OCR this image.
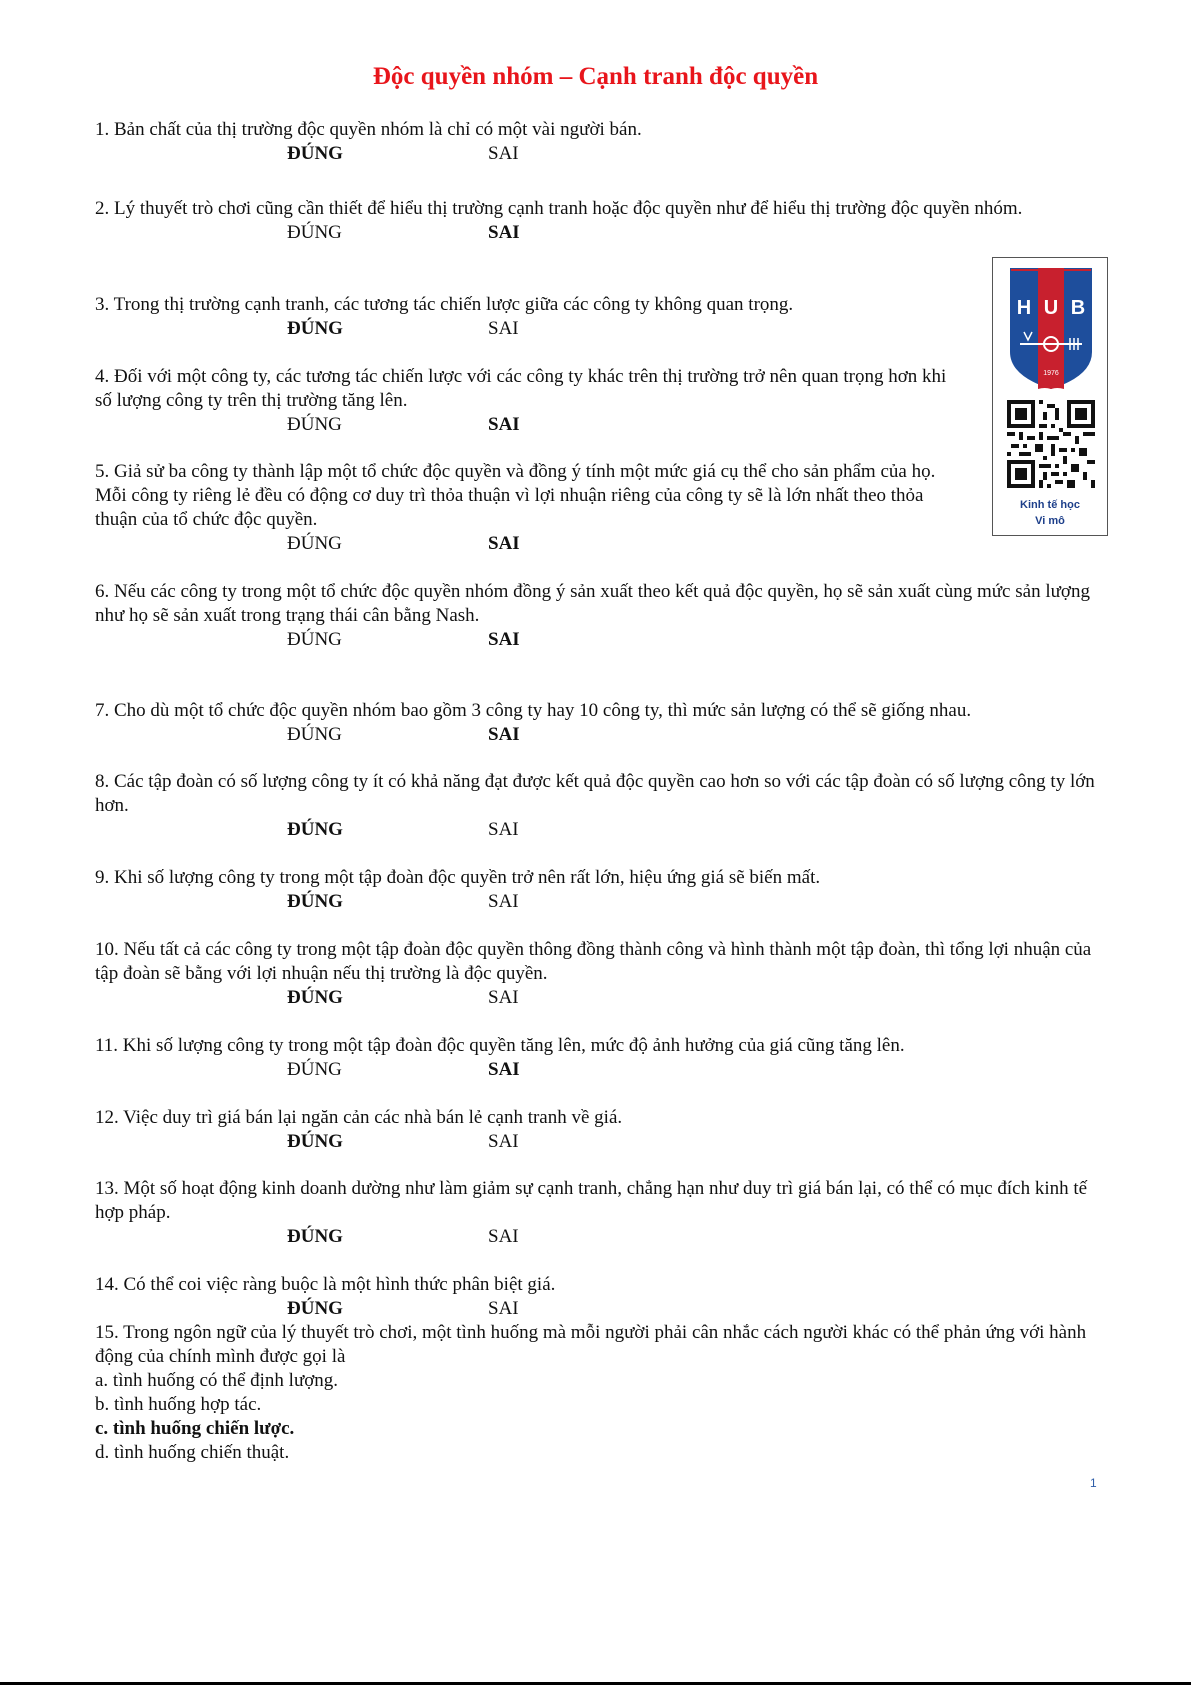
Độc quyền nhóm – Cạnh tranh độc quyền
1. Bản chất của thị trường độc quyền nhóm là chỉ có một vài người bán.
ĐÚNG	SAI
2. Lý thuyết trò chơi cũng cần thiết để hiểu thị trường cạnh tranh hoặc độc quyền như để hiểu thị trường độc quyền nhóm.
ĐÚNG	SAI
3. Trong thị trường cạnh tranh, các tương tác chiến lược giữa các công ty không quan trọng.
ĐÚNG	SAI
4. Đối với một công ty, các tương tác chiến lược với các công ty khác trên thị trường trở nên quan trọng hơn khi số lượng công ty trên thị trường tăng lên.
ĐÚNG	SAI
5. Giả sử ba công ty thành lập một tổ chức độc quyền và đồng ý tính một mức giá cụ thể cho sản phẩm của họ. Mỗi công ty riêng lẻ đều có động cơ duy trì thỏa thuận vì lợi nhuận riêng của công ty sẽ là lớn nhất theo thỏa thuận của tổ chức độc quyền.
ĐÚNG	SAI
6. Nếu các công ty trong một tổ chức độc quyền nhóm đồng ý sản xuất theo kết quả độc quyền, họ sẽ sản xuất cùng mức sản lượng như họ sẽ sản xuất trong trạng thái cân bằng Nash.
ĐÚNG	SAI
7. Cho dù một tổ chức độc quyền nhóm bao gồm 3 công ty hay 10 công ty, thì mức sản lượng có thể sẽ giống nhau.
ĐÚNG	SAI
8. Các tập đoàn có số lượng công ty ít có khả năng đạt được kết quả độc quyền cao hơn so với các tập đoàn có số lượng công ty lớn hơn.
ĐÚNG	SAI
9. Khi số lượng công ty trong một tập đoàn độc quyền trở nên rất lớn, hiệu ứng giá sẽ biến mất.
ĐÚNG	SAI
10. Nếu tất cả các công ty trong một tập đoàn độc quyền thông đồng thành công và hình thành một tập đoàn, thì tổng lợi nhuận của tập đoàn sẽ bằng với lợi nhuận nếu thị trường là độc quyền.
ĐÚNG	SAI
11. Khi số lượng công ty trong một tập đoàn độc quyền tăng lên, mức độ ảnh hưởng của giá cũng tăng lên.
ĐÚNG	SAI
12. Việc duy trì giá bán lại ngăn cản các nhà bán lẻ cạnh tranh về giá.
ĐÚNG	SAI
13. Một số hoạt động kinh doanh dường như làm giảm sự cạnh tranh, chẳng hạn như duy trì giá bán lại, có thể có mục đích kinh tế hợp pháp.
ĐÚNG	SAI
14. Có thể coi việc ràng buộc là một hình thức phân biệt giá.
ĐÚNG	SAI
15. Trong ngôn ngữ của lý thuyết trò chơi, một tình huống mà mỗi người phải cân nhắc cách người khác có thể phản ứng với hành động của chính mình được gọi là
a. tình huống có thể định lượng.
b. tình huống hợp tác.
c. tình huống chiến lược.
d. tình huống chiến thuật.
H U B
1976
Kinh tế học
Vi mô
1
